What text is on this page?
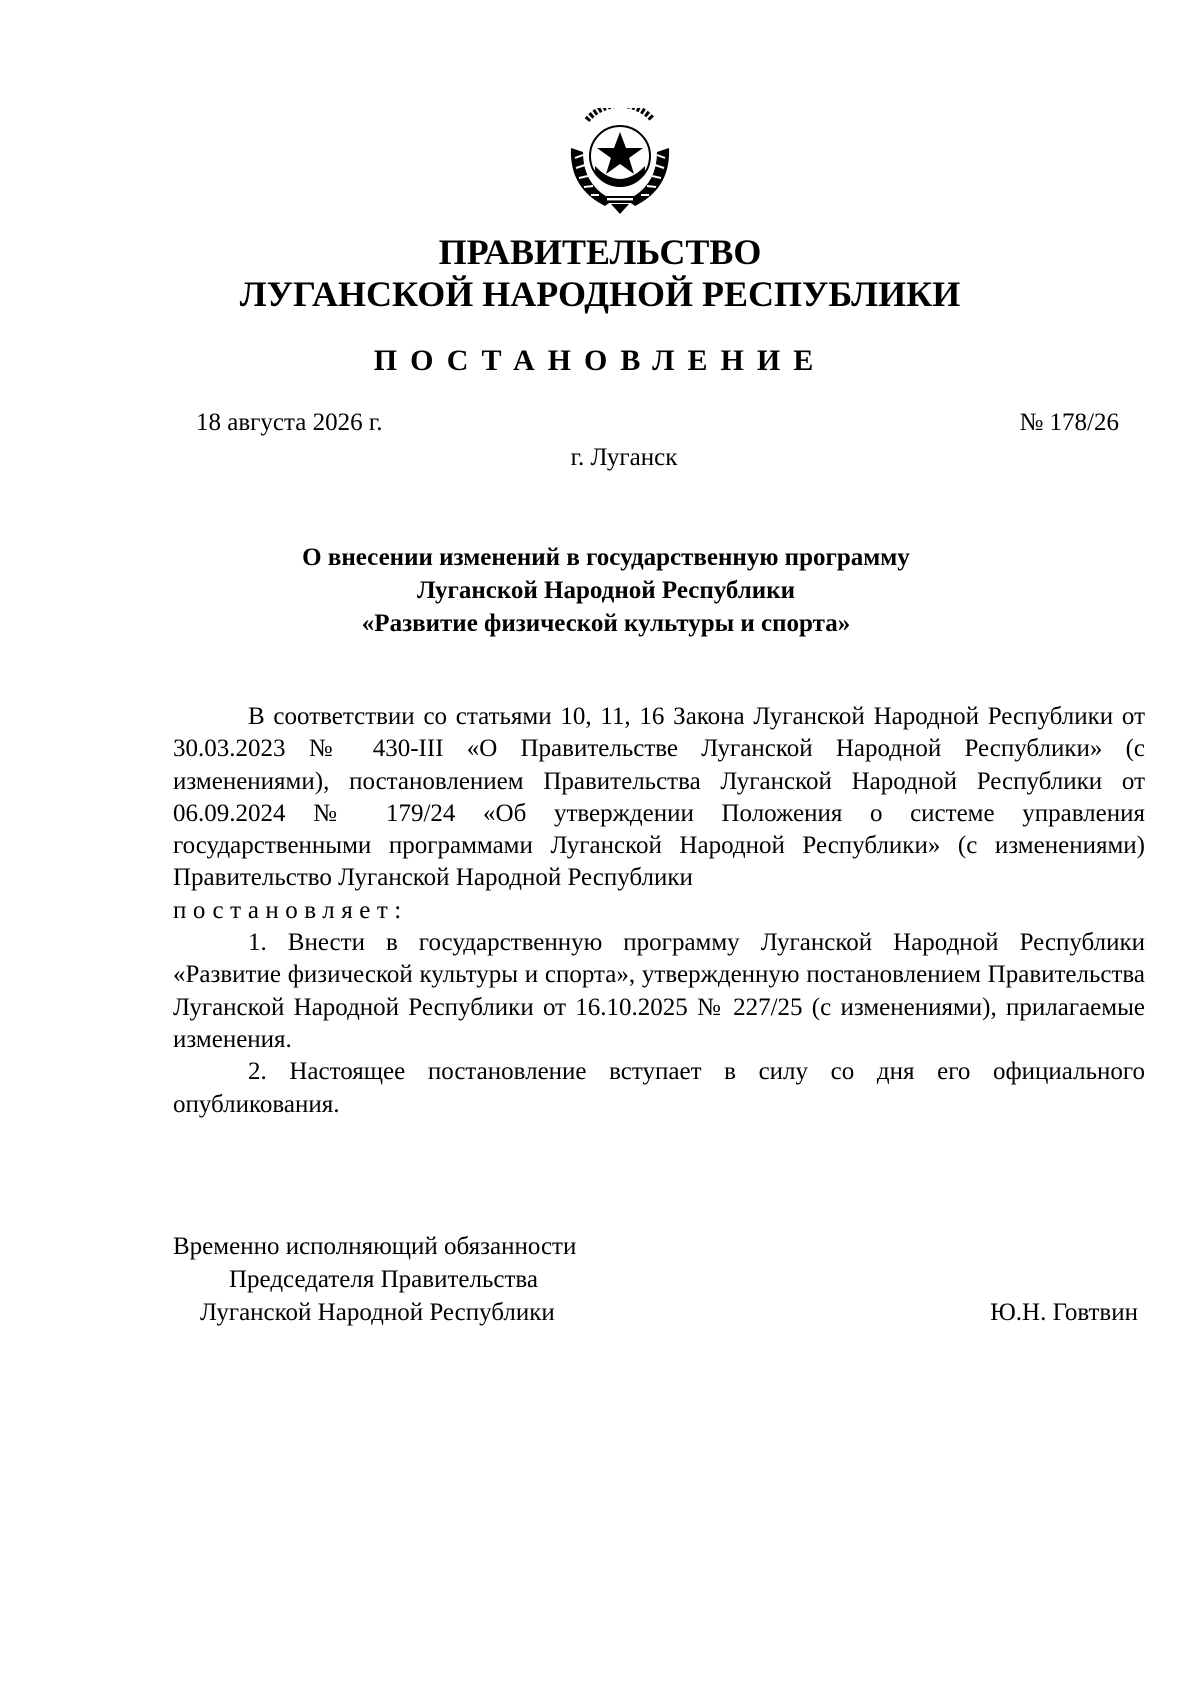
ПРАВИТЕЛЬСТВО
ЛУГАНСКОЙ НАРОДНОЙ РЕСПУБЛИКИ
ПОСТАНОВЛЕНИЕ
18 августа 2026 г.	№ 178/26
г. Луганск
О внесении изменений в государственную программу
Луганской Народной Республики
«Развитие физической культуры и спорта»

В соответствии со статьями 10, 11, 16 Закона Луганской Народной Республики от 30.03.2023 № 430-III «О Правительстве Луганской Народной Республики» (с изменениями), постановлением Правительства Луганской Народной Республики от 06.09.2024 № 179/24 «Об утверждении Положения о системе управления государственными программами Луганской Народной Республики» (с изменениями) Правительство Луганской Народной Республики

постановляет:

1. Внести в государственную программу Луганской Народной Республики «Развитие физической культуры и спорта», утвержденную постановлением Правительства Луганской Народной Республики от 16.10.2025 № 227/25 (с изменениями), прилагаемые изменения.

2. Настоящее постановление вступает в силу со дня его официального опубликования.

Временно исполняющий обязанности
Председателя Правительства
Луганской Народной Республики	Ю.Н. Говтвин
